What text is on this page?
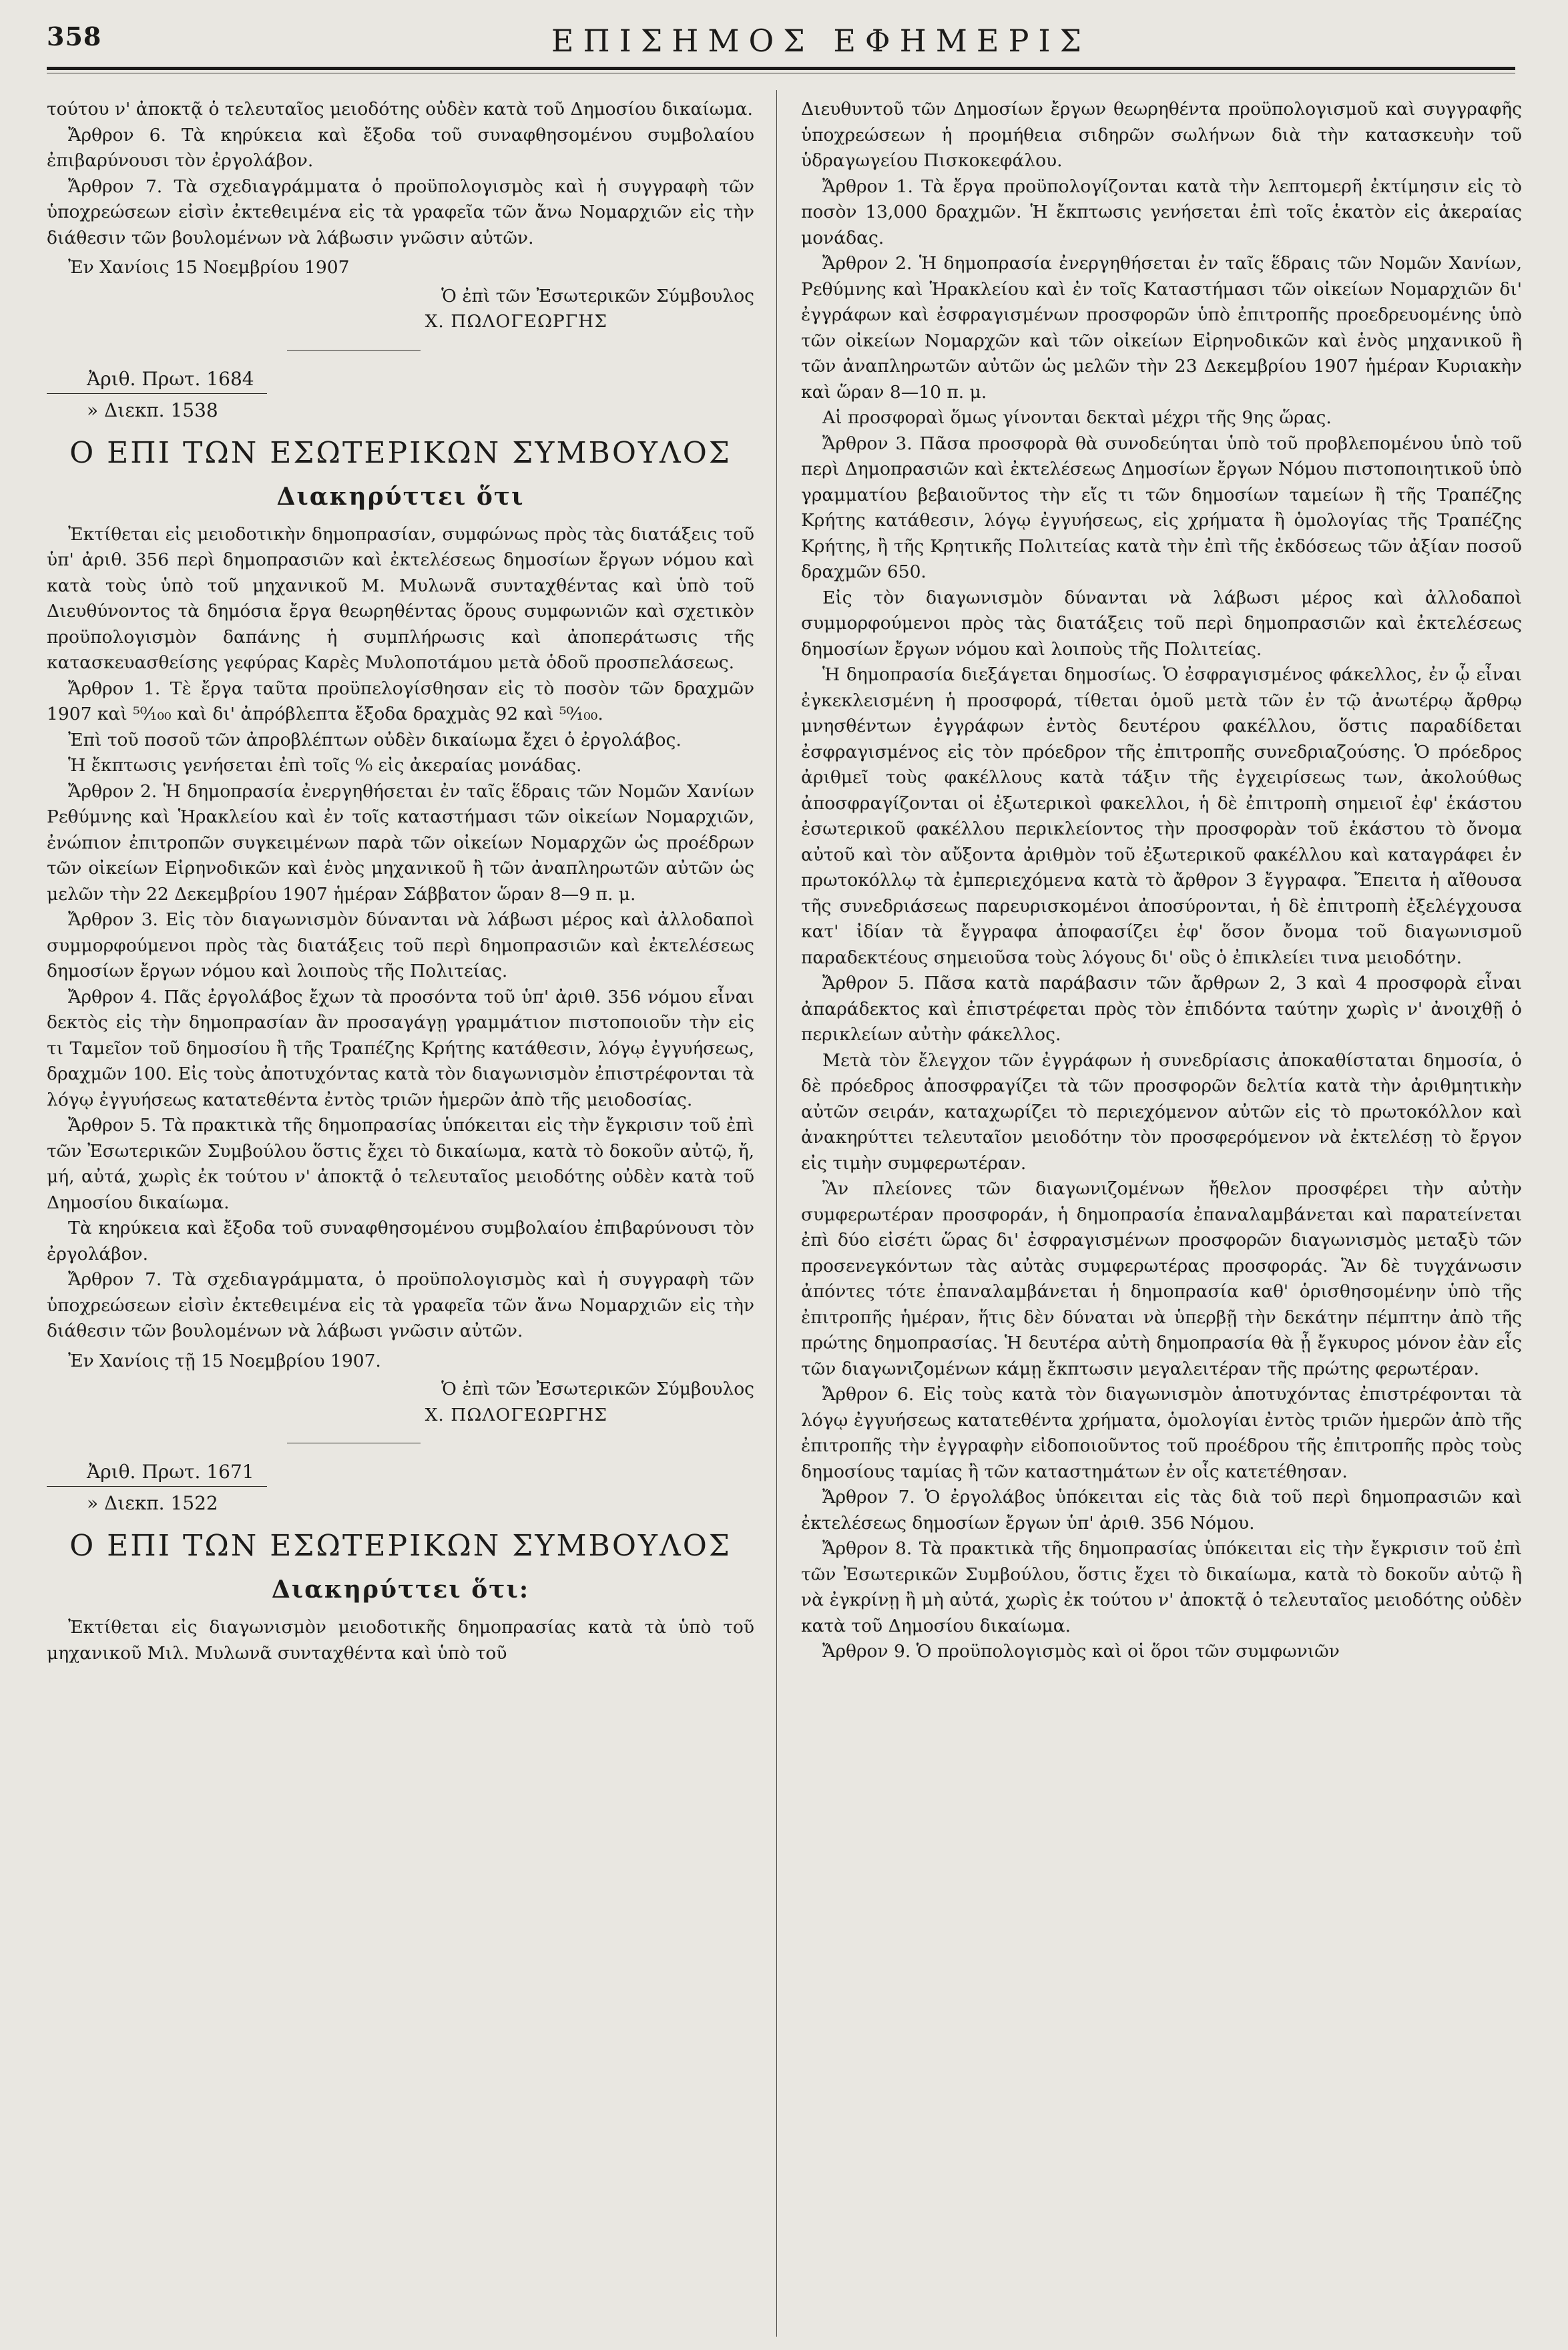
358	ΕΠΙΣΗΜΟΣ ΕΦΗΜΕΡΙΣ

τούτου ν' ἀποκτᾷ ὁ τελευταῖος μειοδότης οὐδὲν κατὰ τοῦ Δημοσίου δικαίωμα.

Ἄρθρον 6. Τὰ κηρύκεια καὶ ἔξοδα τοῦ συναφθησομένου συμβολαίου ἐπιβαρύνουσι τὸν ἐργολάβον.

Ἄρθρον 7. Τὰ σχεδιαγράμματα ὁ προϋπολογισμὸς καὶ ἡ συγγραφὴ τῶν ὑποχρεώσεων εἰσὶν ἐκτεθειμένα εἰς τὰ γραφεῖα τῶν ἄνω Νομαρχιῶν εἰς τὴν διάθεσιν τῶν βουλομένων νὰ λάβωσιν γνῶσιν αὐτῶν.

Ἐν Χανίοις 15 Νοεμβρίου 1907

Ὁ ἐπὶ τῶν Ἐσωτερικῶν Σύμβουλος

Χ. ΠΩΛΟΓΕΩΡΓΗΣ

Ἀριθ. Πρωτ. 1684

» Διεκπ. 1538

Ο ΕΠΙ ΤΩΝ ΕΣΩΤΕΡΙΚΩΝ ΣΥΜΒΟΥΛΟΣ

Διακηρύττει ὅτι

Ἐκτίθεται εἰς μειοδοτικὴν δημοπρασίαν, συμφώνως πρὸς τὰς διατάξεις τοῦ ὑπ' ἀριθ. 356 περὶ δημοπρασιῶν καὶ ἐκτελέσεως δημοσίων ἔργων νόμου καὶ κατὰ τοὺς ὑπὸ τοῦ μηχανικοῦ Μ. Μυλωνᾶ συνταχθέντας καὶ ὑπὸ τοῦ Διευθύνοντος τὰ δημόσια ἔργα θεωρηθέντας ὅρους συμφωνιῶν καὶ σχετικὸν προϋπολογισμὸν δαπάνης ἡ συμπλήρωσις καὶ ἀποπεράτωσις τῆς κατασκευασθείσης γεφύρας Καρὲς Μυλοποτάμου μετὰ ὁδοῦ προσπελάσεως.

Ἄρθρον 1. Τὲ ἔργα ταῦτα προϋπελογίσθησαν εἰς τὸ ποσὸν τῶν δραχμῶν 1907 καὶ ⁵⁰⁄₁₀₀ καὶ δι' ἀπρόβλεπτα ἔξοδα δραχμὰς 92 καὶ ⁵⁰⁄₁₀₀.

Ἐπὶ τοῦ ποσοῦ τῶν ἀπροβλέπτων οὐδὲν δικαίωμα ἔχει ὁ ἐργολάβος.

Ἡ ἔκπτωσις γενήσεται ἐπὶ τοῖς ⁰⁄₀ εἰς ἀκεραίας μονάδας.

Ἄρθρον 2. Ἡ δημοπρασία ἐνεργηθήσεται ἐν ταῖς ἕδραις τῶν Νομῶν Χανίων Ρεθύμνης καὶ Ἡρακλείου καὶ ἐν τοῖς καταστήμασι τῶν οἰκείων Νομαρχιῶν, ἐνώπιον ἐπιτροπῶν συγκειμένων παρὰ τῶν οἰκείων Νομαρχῶν ὡς προέδρων τῶν οἰκείων Εἰρηνοδικῶν καὶ ἑνὸς μηχανικοῦ ἢ τῶν ἀναπληρωτῶν αὐτῶν ὡς μελῶν τὴν 22 Δεκεμβρίου 1907 ἡμέραν Σάββατον ὥραν 8—9 π. μ.

Ἄρθρον 3. Εἰς τὸν διαγωνισμὸν δύνανται νὰ λάβωσι μέρος καὶ ἀλλοδαποὶ συμμορφούμενοι πρὸς τὰς διατάξεις τοῦ περὶ δημοπρασιῶν καὶ ἐκτελέσεως δημοσίων ἔργων νόμου καὶ λοιποὺς τῆς Πολιτείας.

Ἄρθρον 4. Πᾶς ἐργολάβος ἔχων τὰ προσόντα τοῦ ὑπ' ἀριθ. 356 νόμου εἶναι δεκτὸς εἰς τὴν δημοπρασίαν ἂν προσαγάγῃ γραμμάτιον πιστοποιοῦν τὴν εἰς τι Ταμεῖον τοῦ δημοσίου ἢ τῆς Τραπέζης Κρήτης κατάθεσιν, λόγῳ ἐγγυήσεως, δραχμῶν 100. Εἰς τοὺς ἀποτυχόντας κατὰ τὸν διαγωνισμὸν ἐπιστρέφονται τὰ λόγῳ ἐγγυήσεως κατατεθέντα ἐντὸς τριῶν ἡμερῶν ἀπὸ τῆς μειοδοσίας.

Ἄρθρον 5. Τὰ πρακτικὰ τῆς δημοπρασίας ὑπόκειται εἰς τὴν ἔγκρισιν τοῦ ἐπὶ τῶν Ἐσωτερικῶν Συμβούλου ὅστις ἔχει τὸ δικαίωμα, κατὰ τὸ δοκοῦν αὐτῷ, ἤ, μή, αὐτά, χωρὶς ἐκ τούτου ν' ἀποκτᾷ ὁ τελευταῖος μειοδότης οὐδὲν κατὰ τοῦ Δημοσίου δικαίωμα.

Τὰ κηρύκεια καὶ ἔξοδα τοῦ συναφθησομένου συμβολαίου ἐπιβαρύνουσι τὸν ἐργολάβον.

Ἄρθρον 7. Τὰ σχεδιαγράμματα, ὁ προϋπολογισμὸς καὶ ἡ συγγραφὴ τῶν ὑποχρεώσεων εἰσὶν ἐκτεθειμένα εἰς τὰ γραφεῖα τῶν ἄνω Νομαρχιῶν εἰς τὴν διάθεσιν τῶν βουλομένων νὰ λάβωσι γνῶσιν αὐτῶν.

Ἐν Χανίοις τῇ 15 Νοεμβρίου 1907.

Ὁ ἐπὶ τῶν Ἐσωτερικῶν Σύμβουλος

Χ. ΠΩΛΟΓΕΩΡΓΗΣ

Ἀριθ. Πρωτ. 1671

» Διεκπ. 1522

Ο ΕΠΙ ΤΩΝ ΕΣΩΤΕΡΙΚΩΝ ΣΥΜΒΟΥΛΟΣ

Διακηρύττει ὅτι:

Ἐκτίθεται εἰς διαγωνισμὸν μειοδοτικῆς δημοπρασίας κατὰ τὰ ὑπὸ τοῦ μηχανικοῦ Μιλ. Μυλωνᾶ συνταχθέντα καὶ ὑπὸ τοῦ

Διευθυντοῦ τῶν Δημοσίων ἔργων θεωρηθέντα προϋπολογισμοῦ καὶ συγγραφῆς ὑποχρεώσεων ἡ προμήθεια σιδηρῶν σωλήνων διὰ τὴν κατασκευὴν τοῦ ὑδραγωγείου Πισκοκεφάλου.

Ἄρθρον 1. Τὰ ἔργα προϋπολογίζονται κατὰ τὴν λεπτομερῆ ἐκτίμησιν εἰς τὸ ποσὸν 13,000 δραχμῶν. Ἡ ἔκπτωσις γενήσεται ἐπὶ τοῖς ἑκατὸν εἰς ἀκεραίας μονάδας.

Ἄρθρον 2. Ἡ δημοπρασία ἐνεργηθήσεται ἐν ταῖς ἕδραις τῶν Νομῶν Χανίων, Ρεθύμνης καὶ Ἡρακλείου καὶ ἐν τοῖς Καταστήμασι τῶν οἰκείων Νομαρχιῶν δι' ἐγγράφων καὶ ἐσφραγισμένων προσφορῶν ὑπὸ ἐπιτροπῆς προεδρευομένης ὑπὸ τῶν οἰκείων Νομαρχῶν καὶ τῶν οἰκείων Εἰρηνοδικῶν καὶ ἑνὸς μηχανικοῦ ἢ τῶν ἀναπληρωτῶν αὐτῶν ὡς μελῶν τὴν 23 Δεκεμβρίου 1907 ἡμέραν Κυριακὴν καὶ ὥραν 8—10 π. μ.

Αἱ προσφοραὶ ὅμως γίνονται δεκταὶ μέχρι τῆς 9ης ὥρας.

Ἄρθρον 3. Πᾶσα προσφορὰ θὰ συνοδεύηται ὑπὸ τοῦ προβλεπομένου ὑπὸ τοῦ περὶ Δημοπρασιῶν καὶ ἐκτελέσεως Δημοσίων ἔργων Νόμου πιστοποιητικοῦ ὑπὸ γραμματίου βεβαιοῦντος τὴν εἴς τι τῶν δημοσίων ταμείων ἢ τῆς Τραπέζης Κρήτης κατάθεσιν, λόγῳ ἐγγυήσεως, εἰς χρήματα ἢ ὁμολογίας τῆς Τραπέζης Κρήτης, ἢ τῆς Κρητικῆς Πολιτείας κατὰ τὴν ἐπὶ τῆς ἐκδόσεως τῶν ἀξίαν ποσοῦ δραχμῶν 650.

Εἰς τὸν διαγωνισμὸν δύνανται νὰ λάβωσι μέρος καὶ ἀλλοδαποὶ συμμορφούμενοι πρὸς τὰς διατάξεις τοῦ περὶ δημοπρασιῶν καὶ ἐκτελέσεως δημοσίων ἔργων νόμου καὶ λοιποὺς τῆς Πολιτείας.

Ἡ δημοπρασία διεξάγεται δημοσίως. Ὁ ἐσφραγισμένος φάκελλος, ἐν ᾧ εἶναι ἐγκεκλεισμένη ἡ προσφορά, τίθεται ὁμοῦ μετὰ τῶν ἐν τῷ ἀνωτέρῳ ἄρθρῳ μνησθέντων ἐγγράφων ἐντὸς δευτέρου φακέλλου, ὅστις παραδίδεται ἐσφραγισμένος εἰς τὸν πρόεδρον τῆς ἐπιτροπῆς συνεδριαζούσης. Ὁ πρόεδρος ἀριθμεῖ τοὺς φακέλλους κατὰ τάξιν τῆς ἐγχειρίσεως των, ἀκολούθως ἀποσφραγίζονται οἱ ἐξωτερικοὶ φακελλοι, ἡ δὲ ἐπιτροπὴ σημειοῖ ἐφ' ἑκάστου ἐσωτερικοῦ φακέλλου περικλείοντος τὴν προσφορὰν τοῦ ἑκάστου τὸ ὄνομα αὐτοῦ καὶ τὸν αὔξοντα ἀριθμὸν τοῦ ἐξωτερικοῦ φακέλλου καὶ καταγράφει ἐν πρωτοκόλλῳ τὰ ἐμπεριεχόμενα κατὰ τὸ ἄρθρον 3 ἔγγραφα. Ἔπειτα ἡ αἴθουσα τῆς συνεδριάσεως παρευρισκομένοι ἀποσύρονται, ἡ δὲ ἐπιτροπὴ ἐξελέγχουσα κατ' ἰδίαν τὰ ἔγγραφα ἀποφασίζει ἐφ' ὅσον ὄνομα τοῦ διαγωνισμοῦ παραδεκτέους σημειοῦσα τοὺς λόγους δι' οὓς ὁ ἐπικλείει τινα μειοδότην.

Ἄρθρον 5. Πᾶσα κατὰ παράβασιν τῶν ἄρθρων 2, 3 καὶ 4 προσφορὰ εἶναι ἀπαράδεκτος καὶ ἐπιστρέφεται πρὸς τὸν ἐπιδόντα ταύτην χωρὶς ν' ἀνοιχθῇ ὁ περικλείων αὐτὴν φάκελλος.

Μετὰ τὸν ἔλεγχον τῶν ἐγγράφων ἡ συνεδρίασις ἀποκαθίσταται δημοσία, ὁ δὲ πρόεδρος ἀποσφραγίζει τὰ τῶν προσφορῶν δελτία κατὰ τὴν ἀριθμητικὴν αὐτῶν σειράν, καταχωρίζει τὸ περιεχόμενον αὐτῶν εἰς τὸ πρωτοκόλλον καὶ ἀνακηρύττει τελευταῖον μειοδότην τὸν προσφερόμενον νὰ ἐκτελέσῃ τὸ ἔργον εἰς τιμὴν συμφερωτέραν.

Ἂν πλείονες τῶν διαγωνιζομένων ἤθελον προσφέρει τὴν αὐτὴν συμφερωτέραν προσφοράν, ἡ δημοπρασία ἐπαναλαμβάνεται καὶ παρατείνεται ἐπὶ δύο εἰσέτι ὥρας δι' ἐσφραγισμένων προσφορῶν διαγωνισμὸς μεταξὺ τῶν προσενεγκόντων τὰς αὐτὰς συμφερωτέρας προσφοράς. Ἂν δὲ τυγχάνωσιν ἀπόντες τότε ἐπαναλαμβάνεται ἡ δημοπρασία καθ' ὁρισθησομένην ὑπὸ τῆς ἐπιτροπῆς ἡμέραν, ἥτις δὲν δύναται νὰ ὑπερβῇ τὴν δεκάτην πέμπτην ἀπὸ τῆς πρώτης δημοπρασίας. Ἡ δευτέρα αὐτὴ δημοπρασία θὰ ᾖ ἔγκυρος μόνον ἐὰν εἷς τῶν διαγωνιζομένων κάμῃ ἔκπτωσιν μεγαλειτέραν τῆς πρώτης φερωτέραν.

Ἄρθρον 6. Εἰς τοὺς κατὰ τὸν διαγωνισμὸν ἀποτυχόντας ἐπιστρέφονται τὰ λόγῳ ἐγγυήσεως κατατεθέντα χρήματα, ὁμολογίαι ἐντὸς τριῶν ἡμερῶν ἀπὸ τῆς ἐπιτροπῆς τὴν ἐγγραφὴν εἰδοποιοῦντος τοῦ προέδρου τῆς ἐπιτροπῆς πρὸς τοὺς δημοσίους ταμίας ἢ τῶν καταστημάτων ἐν οἷς κατετέθησαν.

Ἄρθρον 7. Ὁ ἐργολάβος ὑπόκειται εἰς τὰς διὰ τοῦ περὶ δημοπρασιῶν καὶ ἐκτελέσεως δημοσίων ἔργων ὑπ' ἀριθ. 356 Νόμου.

Ἄρθρον 8. Τὰ πρακτικὰ τῆς δημοπρασίας ὑπόκειται εἰς τὴν ἔγκρισιν τοῦ ἐπὶ τῶν Ἐσωτερικῶν Συμβούλου, ὅστις ἔχει τὸ δικαίωμα, κατὰ τὸ δοκοῦν αὐτῷ ἢ νὰ ἐγκρίνῃ ἢ μὴ αὐτά, χωρὶς ἐκ τούτου ν' ἀποκτᾷ ὁ τελευταῖος μειοδότης οὐδὲν κατὰ τοῦ Δημοσίου δικαίωμα.

Ἄρθρον 9. Ὁ προϋπολογισμὸς καὶ οἱ ὅροι τῶν συμφωνιῶν
